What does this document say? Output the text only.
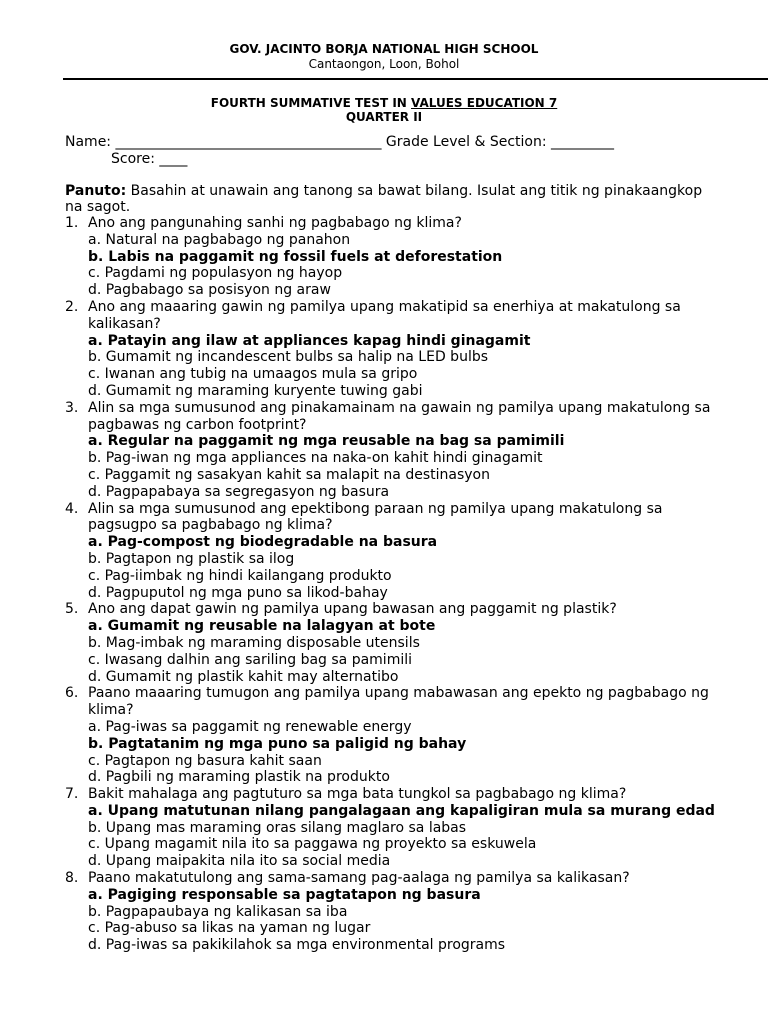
GOV. JACINTO BORJA NATIONAL HIGH SCHOOL
Cantaongon, Loon, Bohol
FOURTH SUMMATIVE TEST IN VALUES EDUCATION 7
QUARTER II
Name: ______________________________________ Grade Level & Section: _________
Score: ____
Panuto: Basahin at unawain ang tanong sa bawat bilang. Isulat ang titik ng pinakaangkop na sagot.
1. Ano ang pangunahing sanhi ng pagbabago ng klima?
a. Natural na pagbabago ng panahon
b. Labis na paggamit ng fossil fuels at deforestation
c. Pagdami ng populasyon ng hayop
d. Pagbabago sa posisyon ng araw
2. Ano ang maaaring gawin ng pamilya upang makatipid sa enerhiya at makatulong sa kalikasan?
a. Patayin ang ilaw at appliances kapag hindi ginagamit
b. Gumamit ng incandescent bulbs sa halip na LED bulbs
c. Iwanan ang tubig na umaagos mula sa gripo
d. Gumamit ng maraming kuryente tuwing gabi
3. Alin sa mga sumusunod ang pinakamainam na gawain ng pamilya upang makatulong sa pagbawas ng carbon footprint?
a. Regular na paggamit ng mga reusable na bag sa pamimili
b. Pag-iwan ng mga appliances na naka-on kahit hindi ginagamit
c. Paggamit ng sasakyan kahit sa malapit na destinasyon
d. Pagpapabaya sa segregasyon ng basura
4. Alin sa mga sumusunod ang epektibong paraan ng pamilya upang makatulong sa pagsugpo sa pagbabago ng klima?
a. Pag-compost ng biodegradable na basura
b. Pagtapon ng plastik sa ilog
c. Pag-iimbak ng hindi kailangang produkto
d. Pagpuputol ng mga puno sa likod-bahay
5. Ano ang dapat gawin ng pamilya upang bawasan ang paggamit ng plastik?
a. Gumamit ng reusable na lalagyan at bote
b. Mag-imbak ng maraming disposable utensils
c. Iwasang dalhin ang sariling bag sa pamimili
d. Gumamit ng plastik kahit may alternatibo
6. Paano maaaring tumugon ang pamilya upang mabawasan ang epekto ng pagbabago ng klima?
a. Pag-iwas sa paggamit ng renewable energy
b. Pagtatanim ng mga puno sa paligid ng bahay
c. Pagtapon ng basura kahit saan
d. Pagbili ng maraming plastik na produkto
7. Bakit mahalaga ang pagtuturo sa mga bata tungkol sa pagbabago ng klima?
a. Upang matutunan nilang pangalagaan ang kapaligiran mula sa murang edad
b. Upang mas maraming oras silang maglaro sa labas
c. Upang magamit nila ito sa paggawa ng proyekto sa eskuwela
d. Upang maipakita nila ito sa social media
8. Paano makatutulong ang sama-samang pag-aalaga ng pamilya sa kalikasan?
a. Pagiging responsable sa pagtatapon ng basura
b. Pagpapaubaya ng kalikasan sa iba
c. Pag-abuso sa likas na yaman ng lugar
d. Pag-iwas sa pakikilahok sa mga environmental programs
